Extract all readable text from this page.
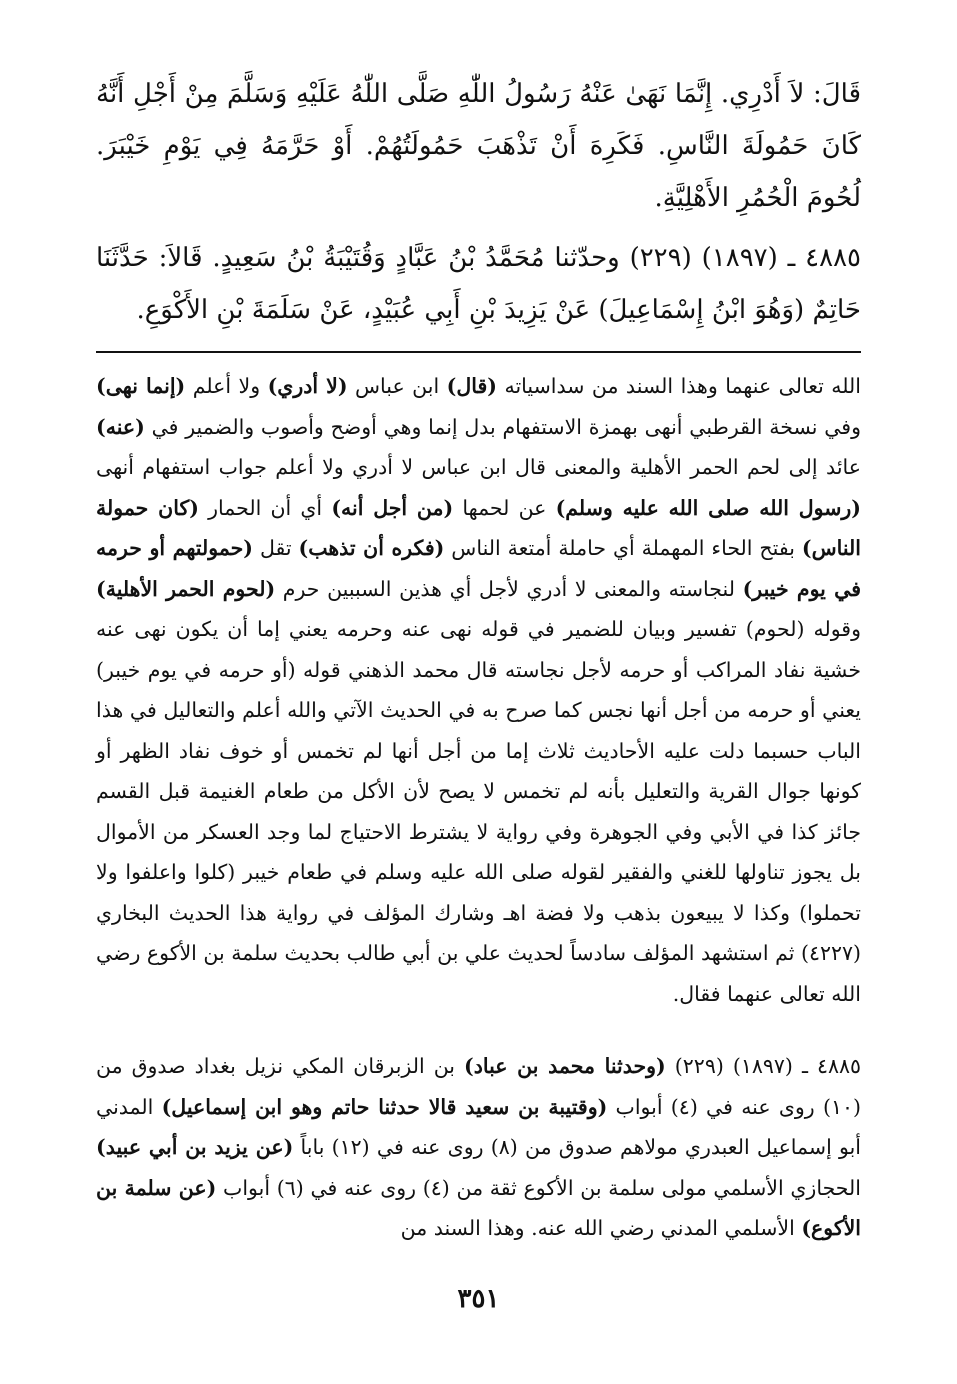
قَالَ: لاَ أَدْرِي. إِنَّمَا نَهَىٰ عَنْهُ رَسُولُ اللّٰهِ صَلَّى اللّٰهُ عَلَيْهِ وَسَلَّمَ مِنْ أَجْلِ أَنَّهُ كَانَ حَمُولَةَ النَّاسِ. فَكَرِهَ أَنْ تَذْهَبَ حَمُولَتُهُمْ. أَوْ حَرَّمَهُ فِي يَوْمِ خَيْبَرَ. لُحُومَ الْحُمُرِ الأَهْلِيَّةِ.
٤٨٨٥ ـ (١٨٩٧) (٢٢٩) وحدّثنا مُحَمَّدُ بْنُ عَبَّادٍ وَقُتَيْبَةُ بْنُ سَعِيدٍ. قَالاَ: حَدَّثَنَا حَاتِمٌ (وَهُوَ ابْنُ إِسْمَاعِيلَ) عَنْ يَزِيدَ بْنِ أَبِي عُبَيْدٍ، عَنْ سَلَمَةَ بْنِ الأَكْوَعِ.
الله تعالى عنهما وهذا السند من سداسياته (قال) ابن عباس (لا أدري) ولا أعلم (إنما نهى) وفي نسخة القرطبي أنهى بهمزة الاستفهام بدل إنما وهي أوضح وأصوب والضمير في (عنه) عائد إلى لحم الحمر الأهلية والمعنى قال ابن عباس لا أدري ولا أعلم جواب استفهام أنهى (رسول الله صلى الله عليه وسلم) عن لحمها (من أجل أنه) أي أن الحمار (كان حمولة الناس) بفتح الحاء المهملة أي حاملة أمتعة الناس (فكره أن تذهب) تقل (حمولتهم أو حرمه في يوم خيبر) لنجاسته والمعنى لا أدري لأجل أي هذين السببين حرم (لحوم الحمر الأهلية) وقوله (لحوم) تفسير وبيان للضمير في قوله نهى عنه وحرمه يعني إما أن يكون نهى عنه خشية نفاد المراكب أو حرمه لأجل نجاسته قال محمد الذهني قوله (أو حرمه في يوم خيبر) يعني أو حرمه من أجل أنها نجس كما صرح به في الحديث الآتي والله أعلم والتعاليل في هذا الباب حسبما دلت عليه الأحاديث ثلاث إما من أجل أنها لم تخمس أو خوف نفاد الظهر أو كونها جوال القرية والتعليل بأنه لم تخمس لا يصح لأن الأكل من طعام الغنيمة قبل القسم جائز كذا في الأبي وفي الجوهرة وفي رواية لا يشترط الاحتياج لما وجد العسكر من الأموال بل يجوز تناولها للغني والفقير لقوله صلى الله عليه وسلم في طعام خيبر (كلوا واعلفوا ولا تحملوا) وكذا لا يبيعون بذهب ولا فضة اهـ وشارك المؤلف في رواية هذا الحديث البخاري (٤٢٢٧) ثم استشهد المؤلف سادساً لحديث علي بن أبي طالب بحديث سلمة بن الأكوع رضي الله تعالى عنهما فقال.
٤٨٨٥ ـ (١٨٩٧) (٢٢٩) (وحدثنا محمد بن عباد) بن الزبرقان المكي نزيل بغداد صدوق من (١٠) روى عنه في (٤) أبواب (وقتيبة بن سعيد قالا حدثنا حاتم وهو ابن إسماعيل) المدني أبو إسماعيل العبدري مولاهم صدوق من (٨) روى عنه في (١٢) باباً (عن يزيد بن أبي عبيد) الحجازي الأسلمي مولى سلمة بن الأكوع ثقة من (٤) روى عنه في (٦) أبواب (عن سلمة بن الأكوع) الأسلمي المدني رضي الله عنه. وهذا السند من
٣٥١
